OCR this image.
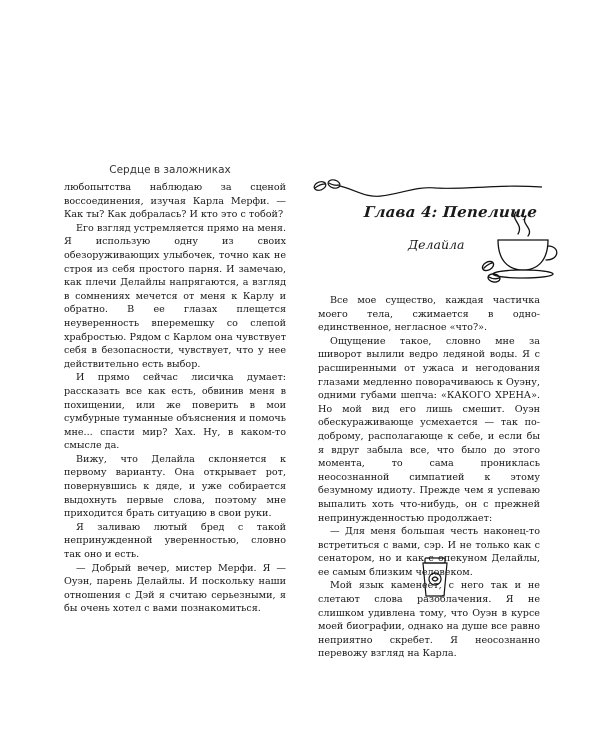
Сердце в заложниках

любопытства наблюдаю за сценой воссоединения, изучая Карла Мерфи. — Как ты? Как добралась? И кто это с тобой?

Его взгляд устремляется прямо на меня. Я использую одну из своих обезоруживающих улыбочек, точно как не строя из себя простого парня. И замечаю, как плечи Делайлы напрягаются, а взгляд в сомнениях мечется от меня к Карлу и обратно. В ее глазах плещется неуверенность вперемешку со слепой храбростью. Рядом с Карлом она чувствует себя в безопасности, чувствует, что у нее действительно есть выбор.

И прямо сейчас лисичка думает: рассказать все как есть, обвинив меня в похищении, или же поверить в мои сумбурные туманные объяснения и помочь мне... спасти мир? Хах. Ну, в каком-то смысле да.

Вижу, что Делайла склоняется к первому варианту. Она открывает рот, повернувшись к дяде, и уже собирается выдохнуть первые слова, поэтому мне приходится брать ситуацию в свои руки.

Я заливаю лютый бред с такой непринужденной уверенностью, словно так оно и есть.

— Добрый вечер, мистер Мерфи. Я — Оуэн, парень Делайлы. И поскольку наши отношения с Дэй я считаю серьезными, я бы очень хотел с вами познакомиться.

Глава 4: Пепелище
Делайла

Все мое существо, каждая частичка моего тела, сжимается в одно-единственное, негласное «что?».

Ощущение такое, словно мне за шиворот вылили ведро ледяной воды. Я с расширенными от ужаса и негодования глазами медленно поворачиваюсь к Оуэну, одними губами шепча: «КАКОГО ХРЕНА». Но мой вид его лишь смешит. Оуэн обескураживающе усмехается — так по-доброму, располагающе к себе, и если бы я вдруг забыла все, что было до этого момента, то сама прониклась неосознанной симпатией к этому безумному идиоту. Прежде чем я успеваю выпалить хоть что-нибудь, он с прежней непринужденностью продолжает:

— Для меня большая честь наконец-то встретиться с вами, сэр. И не только как с сенатором, но и как с опекуном Делайлы, ее самым близким человеком.

Мой язык каменеет, с него так и не слетают слова разоблачения. Я не слишком удивлена тому, что Оуэн в курсе моей биографии, однако на душе все равно неприятно скребет. Я неосознанно перевожу взгляд на Карла.
